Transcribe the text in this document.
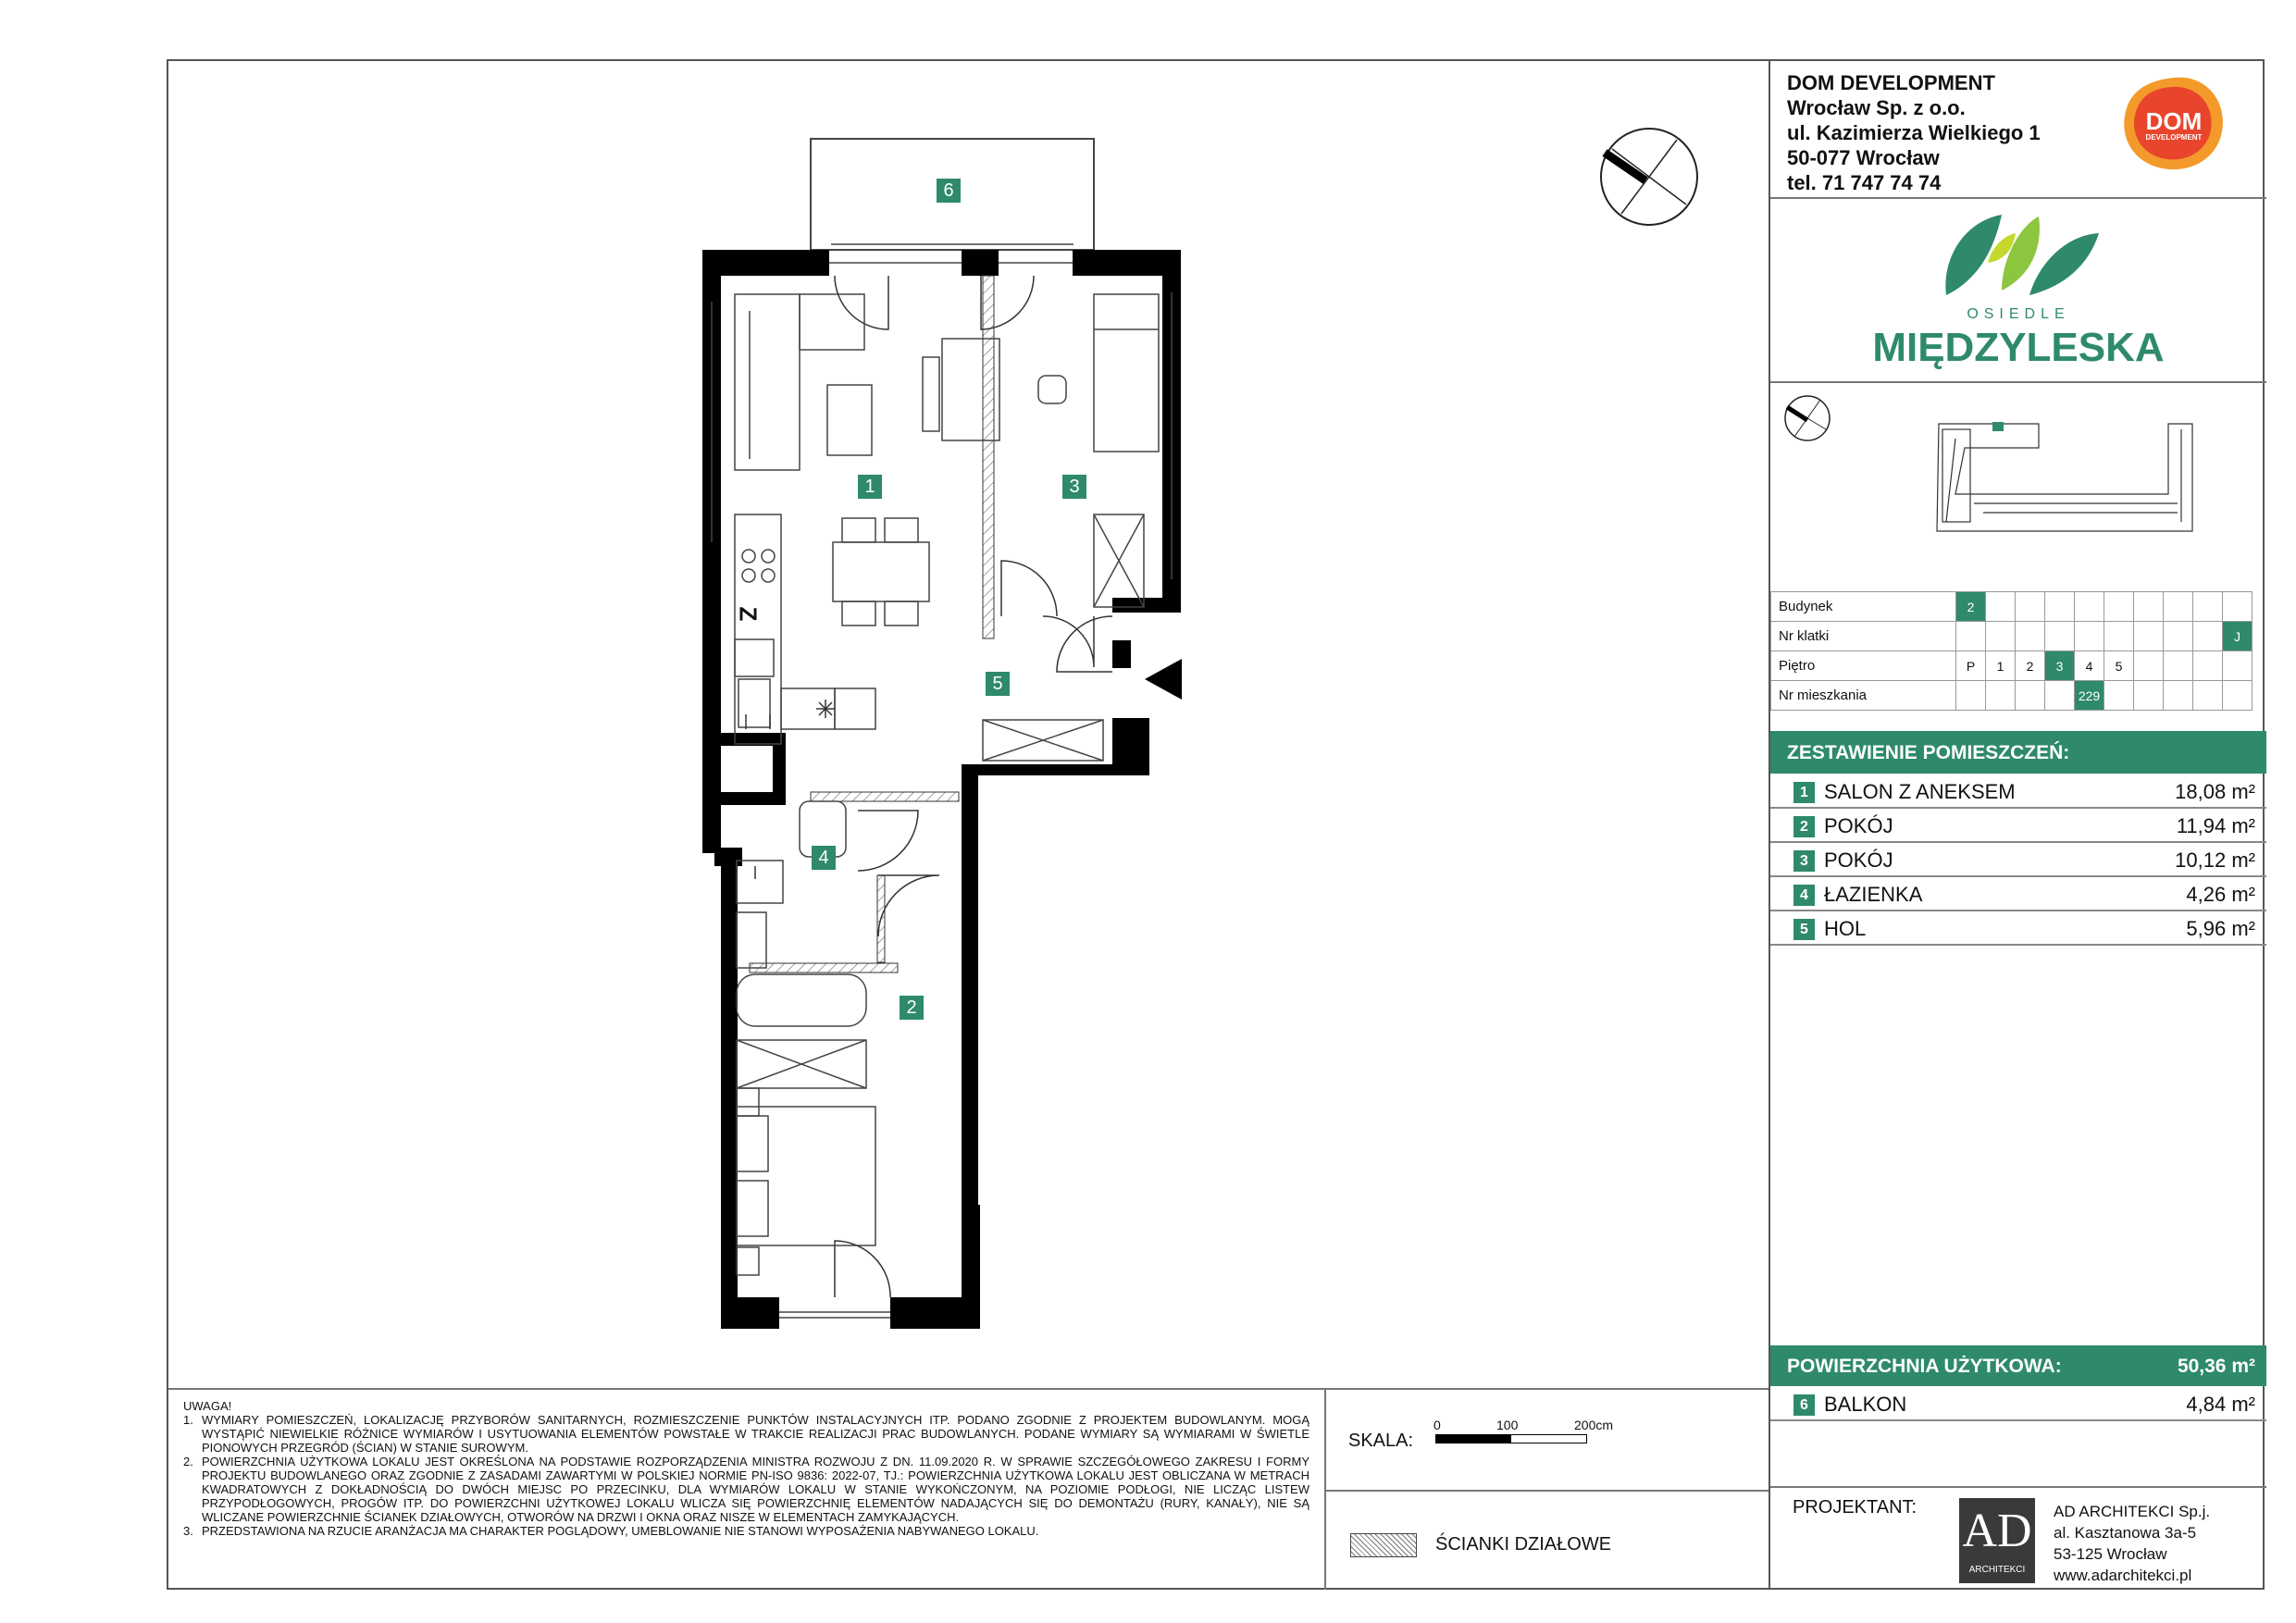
6
1	3
5
4
2
Z
DOM DEVELOPMENT
Wrocław Sp. z o.o.
ul. Kazimierza Wielkiego 1
50-077 Wrocław
tel. 71 747 74 74
DOM
DEVELOPMENT
OSIEDLE
MIĘDZYLESKA
Budynek	2									
Nr klatki										J
Piętro	P	1	2	3	4	5				
Nr mieszkania					229					
ZESTAWIENIE POMIESZCZEŃ:
1 SALON Z ANEKSEM	18,08 m²
2 POKÓJ	11,94 m²
3 POKÓJ	10,12 m²
4 ŁAZIENKA	4,26 m²
5 HOL	5,96 m²
POWIERZCHNIA UŻYTKOWA:	50,36 m²
6 BALKON	4,84 m²
PROJEKTANT: AD
ARCHITEKCI
AD ARCHITEKCI Sp.j.
al. Kasztanowa 3a-5
53-125 Wrocław
www.adarchitekci.pl
UWAGA!
1. WYMIARY POMIESZCZEŃ, LOKALIZACJĘ PRZYBORÓW SANITARNYCH, ROZMIESZCZENIE PUNKTÓW INSTALACYJNYCH ITP. PODANO ZGODNIE Z PROJEKTEM BUDOWLANYM. MOGĄ WYSTĄPIĆ NIEWIELKIE RÓŻNICE WYMIARÓW I USYTUOWANIA ELEMENTÓW POWSTAŁE W TRAKCIE REALIZACJI PRAC BUDOWLANYCH. PODANE WYMIARY SĄ WYMIARAMI W ŚWIETLE PIONOWYCH PRZEGRÓD (ŚCIAN) W STANIE SUROWYM.
2. POWIERZCHNIA UŻYTKOWA LOKALU JEST OKREŚLONA NA PODSTAWIE ROZPORZĄDZENIA MINISTRA ROZWOJU Z DN. 11.09.2020 R. W SPRAWIE SZCZEGÓŁOWEGO ZAKRESU I FORMY PROJEKTU BUDOWLANEGO ORAZ ZGODNIE Z ZASADAMI ZAWARTYMI W POLSKIEJ NORMIE PN-ISO 9836: 2022-07, TJ.: POWIERZCHNIA UŻYTKOWA LOKALU JEST OBLICZANA W METRACH KWADRATOWYCH Z DOKŁADNOŚCIĄ DO DWÓCH MIEJSC PO PRZECINKU, DLA WYMIARÓW LOKALU W STANIE WYKOŃCZONYM, NA POZIOMIE PODŁOGI, NIE LICZĄC LISTEW PRZYPODŁOGOWYCH, PROGÓW ITP. DO POWIERZCHNI UŻYTKOWEJ LOKALU WLICZA SIĘ POWIERZCHNIĘ ELEMENTÓW NADAJĄCYCH SIĘ DO DEMONTAŻU (RURY, KANAŁY), NIE SĄ WLICZANE POWIERZCHNIE ŚCIANEK DZIAŁOWYCH, OTWORÓW NA DRZWI I OKNA ORAZ NISZE W ELEMENTACH ZAMYKAJĄCYCH.
3. PRZEDSTAWIONA NA RZUCIE ARANŻACJA MA CHARAKTER POGLĄDOWY, UMEBLOWANIE NIE STANOWI WYPOSAŻENIA NABYWANEGO LOKALU.
SKALA:
0	100	200cm
ŚCIANKI DZIAŁOWE
